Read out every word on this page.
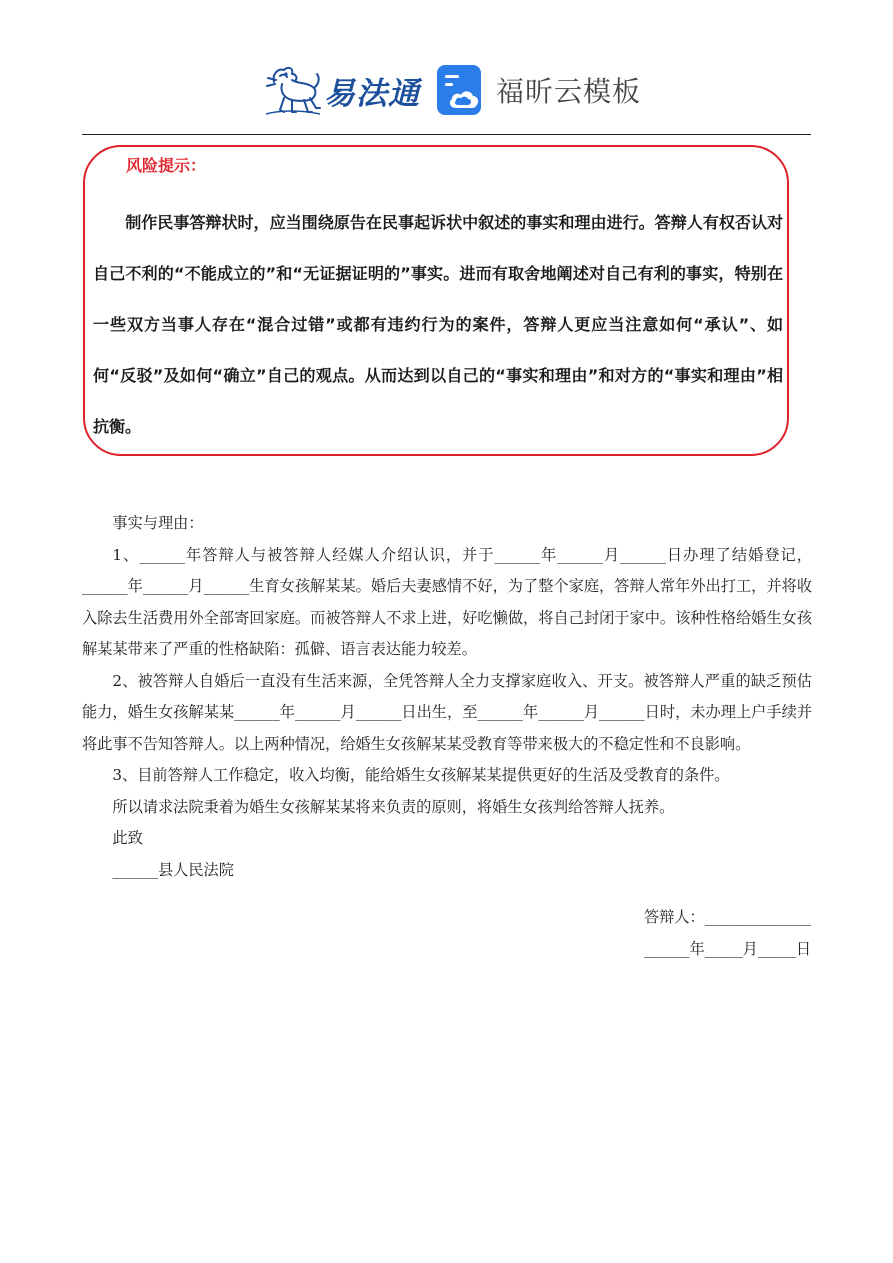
易法通	福昕云模板
风险提示：
制作民事答辩状时，应当围绕原告在民事起诉状中叙述的事实和理由进行。答辩人有权否认对自己不利的“不能成立的”和“无证据证明的”事实。进而有取舍地阐述对自己有利的事实，特别在一些双方当事人存在“混合过错”或都有违约行为的案件，答辩人更应当注意如何“承认”、如何“反驳”及如何“确立”自己的观点。从而达到以自己的“事实和理由”和对方的“事实和理由”相抗衡。

事实与理由：

1、______年答辩人与被答辩人经媒人介绍认识，并于______年______月______日办理了结婚登记，______年______月______生育女孩解某某。婚后夫妻感情不好，为了整个家庭，答辩人常年外出打工，并将收入除去生活费用外全部寄回家庭。而被答辩人不求上进，好吃懒做，将自己封闭于家中。该种性格给婚生女孩解某某带来了严重的性格缺陷：孤僻、语言表达能力较差。

2、被答辩人自婚后一直没有生活来源，全凭答辩人全力支撑家庭收入、开支。被答辩人严重的缺乏预估能力，婚生女孩解某某______年______月______日出生，至______年______月______日时，未办理上户手续并将此事不告知答辩人。以上两种情况，给婚生女孩解某某受教育等带来极大的不稳定性和不良影响。

3、目前答辩人工作稳定，收入均衡，能给婚生女孩解某某提供更好的生活及受教育的条件。

所以请求法院秉着为婚生女孩解某某将来负责的原则，将婚生女孩判给答辩人抚养。

此致

______县人民法院

答辩人：______________
______年_____月_____日
